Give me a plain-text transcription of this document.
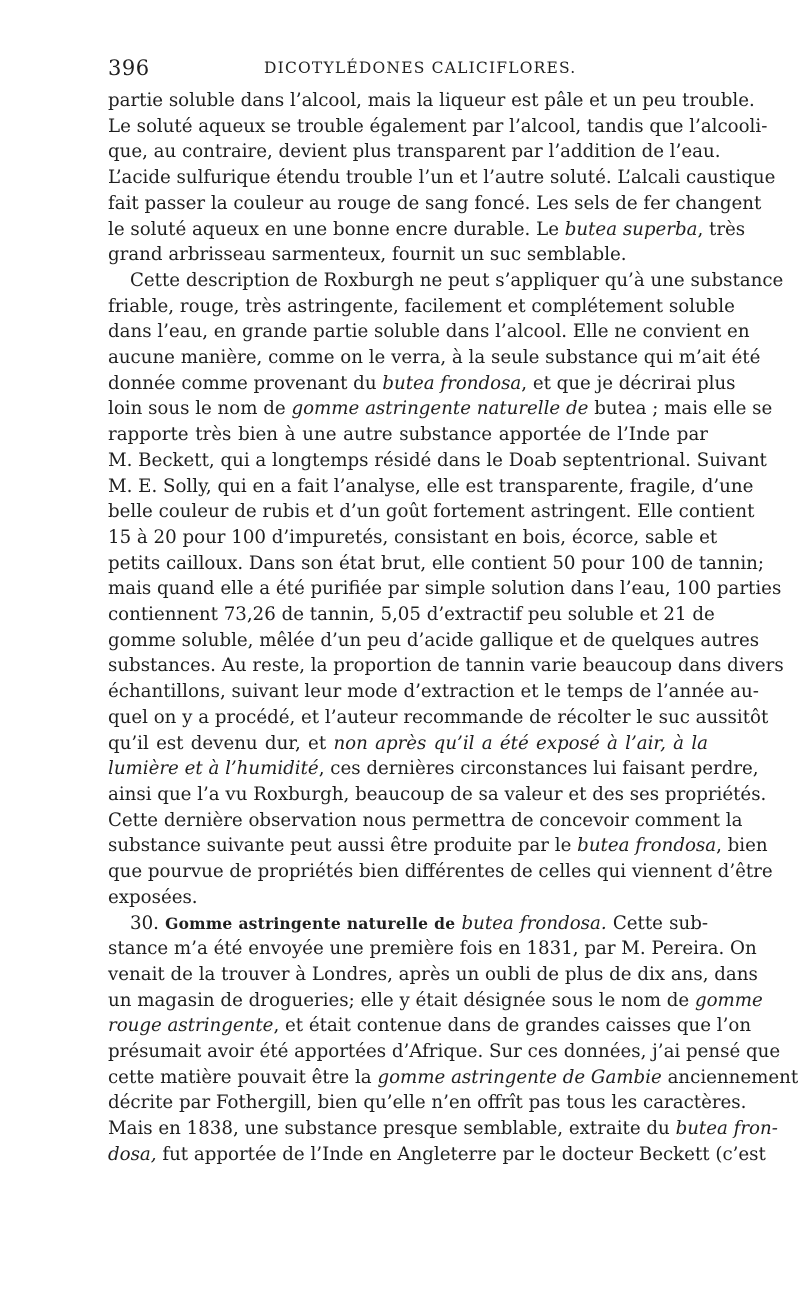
396	DICOTYLÉDONES CALICIFLORES.

partie soluble dans l’alcool, mais la liqueur est pâle et un peu trouble.
Le soluté aqueux se trouble également par l’alcool, tandis que l’alcooli-
que, au contraire, devient plus transparent par l’addition de l’eau.
L’acide sulfurique étendu trouble l’un et l’autre soluté. L’alcali caustique
fait passer la couleur au rouge de sang foncé. Les sels de fer changent
le soluté aqueux en une bonne encre durable. Le butea superba, très
grand arbrisseau sarmenteux, fournit un suc semblable.

Cette description de Roxburgh ne peut s’appliquer qu’à une substance
friable, rouge, très astringente, facilement et complétement soluble
dans l’eau, en grande partie soluble dans l’alcool. Elle ne convient en
aucune manière, comme on le verra, à la seule substance qui m’ait été
donnée comme provenant du butea frondosa, et que je décrirai plus
loin sous le nom de gomme astringente naturelle de butea ; mais elle se
rapporte très bien à une autre substance apportée de l’Inde par
M. Beckett, qui a longtemps résidé dans le Doab septentrional. Suivant
M. E. Solly, qui en a fait l’analyse, elle est transparente, fragile, d’une
belle couleur de rubis et d’un goût fortement astringent. Elle contient
15 à 20 pour 100 d’impuretés, consistant en bois, écorce, sable et
petits cailloux. Dans son état brut, elle contient 50 pour 100 de tannin;
mais quand elle a été purifiée par simple solution dans l’eau, 100 parties
contiennent 73,26 de tannin, 5,05 d’extractif peu soluble et 21 de
gomme soluble, mêlée d’un peu d’acide gallique et de quelques autres
substances. Au reste, la proportion de tannin varie beaucoup dans divers
échantillons, suivant leur mode d’extraction et le temps de l’année au-
quel on y a procédé, et l’auteur recommande de récolter le suc aussitôt
qu’il est devenu dur, et non après qu’il a été exposé à l’air, à la
lumière et à l’humidité, ces dernières circonstances lui faisant perdre,
ainsi que l’a vu Roxburgh, beaucoup de sa valeur et des ses propriétés.
Cette dernière observation nous permettra de concevoir comment la
substance suivante peut aussi être produite par le butea frondosa, bien
que pourvue de propriétés bien différentes de celles qui viennent d’être
exposées.

30. Gomme astringente naturelle de butea frondosa. Cette sub-
stance m’a été envoyée une première fois en 1831, par M. Pereira. On
venait de la trouver à Londres, après un oubli de plus de dix ans, dans
un magasin de drogueries; elle y était désignée sous le nom de gomme
rouge astringente, et était contenue dans de grandes caisses que l’on
présumait avoir été apportées d’Afrique. Sur ces données, j’ai pensé que
cette matière pouvait être la gomme astringente de Gambie anciennement
décrite par Fothergill, bien qu’elle n’en offrît pas tous les caractères.
Mais en 1838, une substance presque semblable, extraite du butea fron-
dosa, fut apportée de l’Inde en Angleterre par le docteur Beckett (c’est
